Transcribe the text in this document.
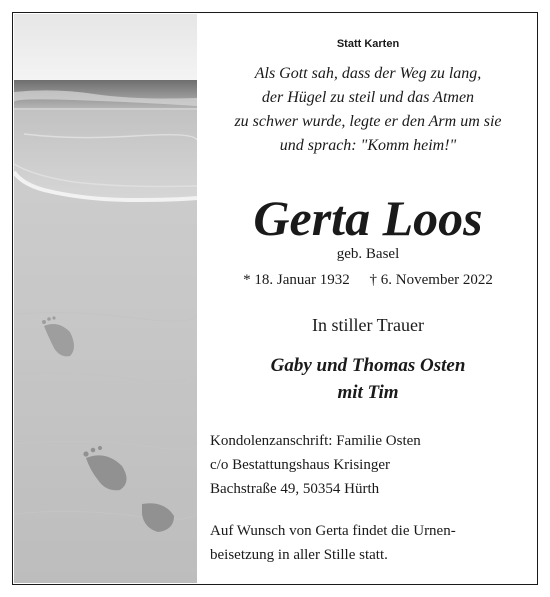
Statt Karten
Als Gott sah, dass der Weg zu lang,
der Hügel zu steil und das Atmen
zu schwer wurde, legte er den Arm um sie
und sprach: "Komm heim!"
Gerta Loos
geb. Basel
* 18. Januar 1932 † 6. November 2022
In stiller Trauer
Gaby und Thomas Osten
mit Tim
Kondolenzanschrift: Familie Osten
c/o Bestattungshaus Krisinger
Bachstraße 49, 50354 Hürth
Auf Wunsch von Gerta findet die Urnen-
beisetzung in aller Stille statt.
